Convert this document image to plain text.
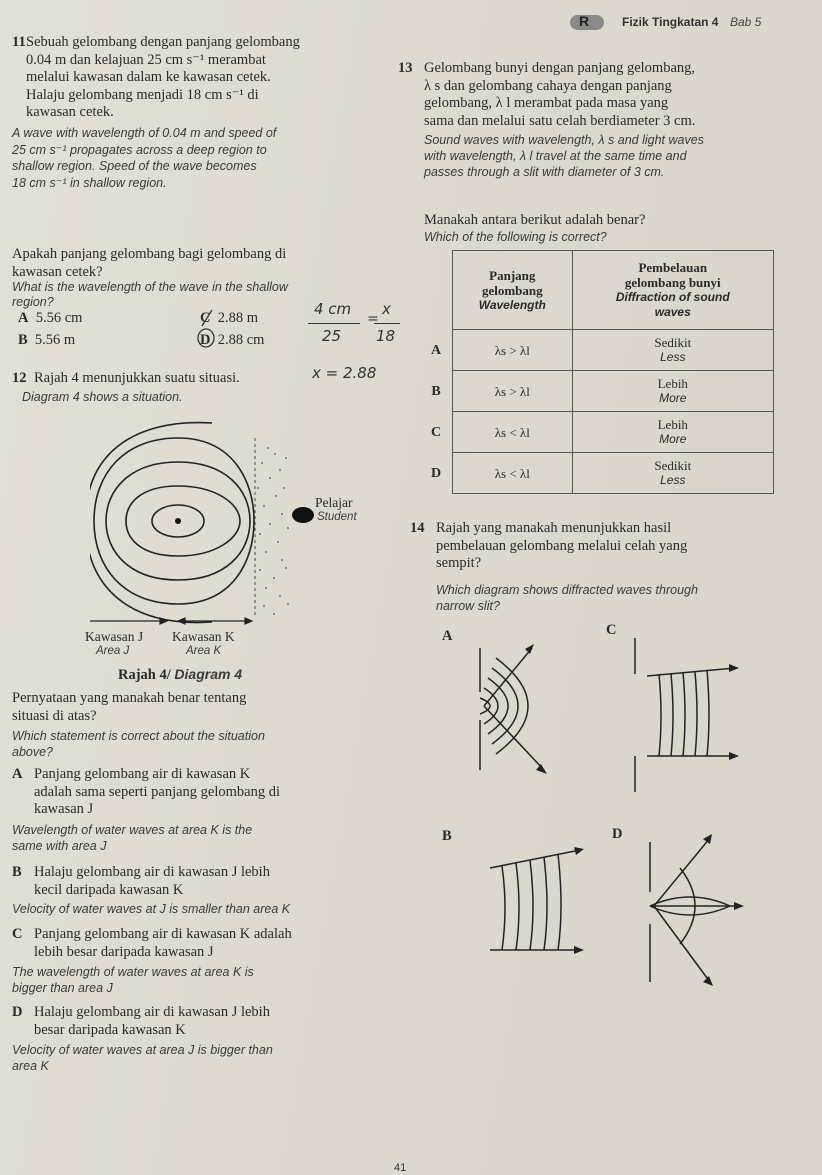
R	Fizik Tingkatan 4 Bab 5
11 Sebuah gelombang dengan panjang gelombang
0.04 m dan kelajuan 25 cm s⁻¹ merambat
melalui kawasan dalam ke kawasan cetek.
Halaju gelombang menjadi 18 cm s⁻¹ di
kawasan cetek.
A wave with wavelength of 0.04 m and speed of
25 cm s⁻¹ propagates across a deep region to
shallow region. Speed of the wave becomes
18 cm s⁻¹ in shallow region.
Apakah panjang gelombang bagi gelombang di
kawasan cetek?
What is the wavelength of the wave in the shallow
region?
A 5.56 cm
B 5.56 m
C 2.88 m
D 2.88 cm
4 cm
25
=
x
18
x = 2.88
12 Rajah 4 menunjukkan suatu situasi.
Diagram 4 shows a situation.
Pelajar
Student
Kawasan J
Area J
Kawasan K
Area K
Rajah 4/ Diagram 4
Pernyataan yang manakah benar tentang
situasi di atas?
Which statement is correct about the situation
above?
A Panjang gelombang air di kawasan K
adalah sama seperti panjang gelombang di
kawasan J
Wavelength of water waves at area K is the
same with area J
B Halaju gelombang air di kawasan J lebih
kecil daripada kawasan K
Velocity of water waves at J is smaller than area K
C Panjang gelombang air di kawasan K adalah
lebih besar daripada kawasan J
The wavelength of water waves at area K is
bigger than area J
D Halaju gelombang air di kawasan J lebih
besar daripada kawasan K
Velocity of water waves at area J is bigger than
area K
13 Gelombang bunyi dengan panjang gelombang,
λ s dan gelombang cahaya dengan panjang
gelombang, λ l merambat pada masa yang
sama dan melalui satu celah berdiameter 3 cm.
Sound waves with wavelength, λ s and light waves
with wavelength, λ l travel at the same time and
passes through a slit with diameter of 3 cm.
Manakah antara berikut adalah benar?
Which of the following is correct?
	Panjang
gelombang
Wavelength	Pembelauan
gelombang bunyi
Diffraction of sound
waves

A	λs > λl	Sedikit
Less

B	λs > λl	Lebih
More

C	λs < λl	Lebih
More

D	λs < λl	Sedikit
Less
14 Rajah yang manakah menunjukkan hasil
pembelauan gelombang melalui celah yang
sempit?
Which diagram shows diffracted waves through
narrow slit?
A	C
B	D
41
